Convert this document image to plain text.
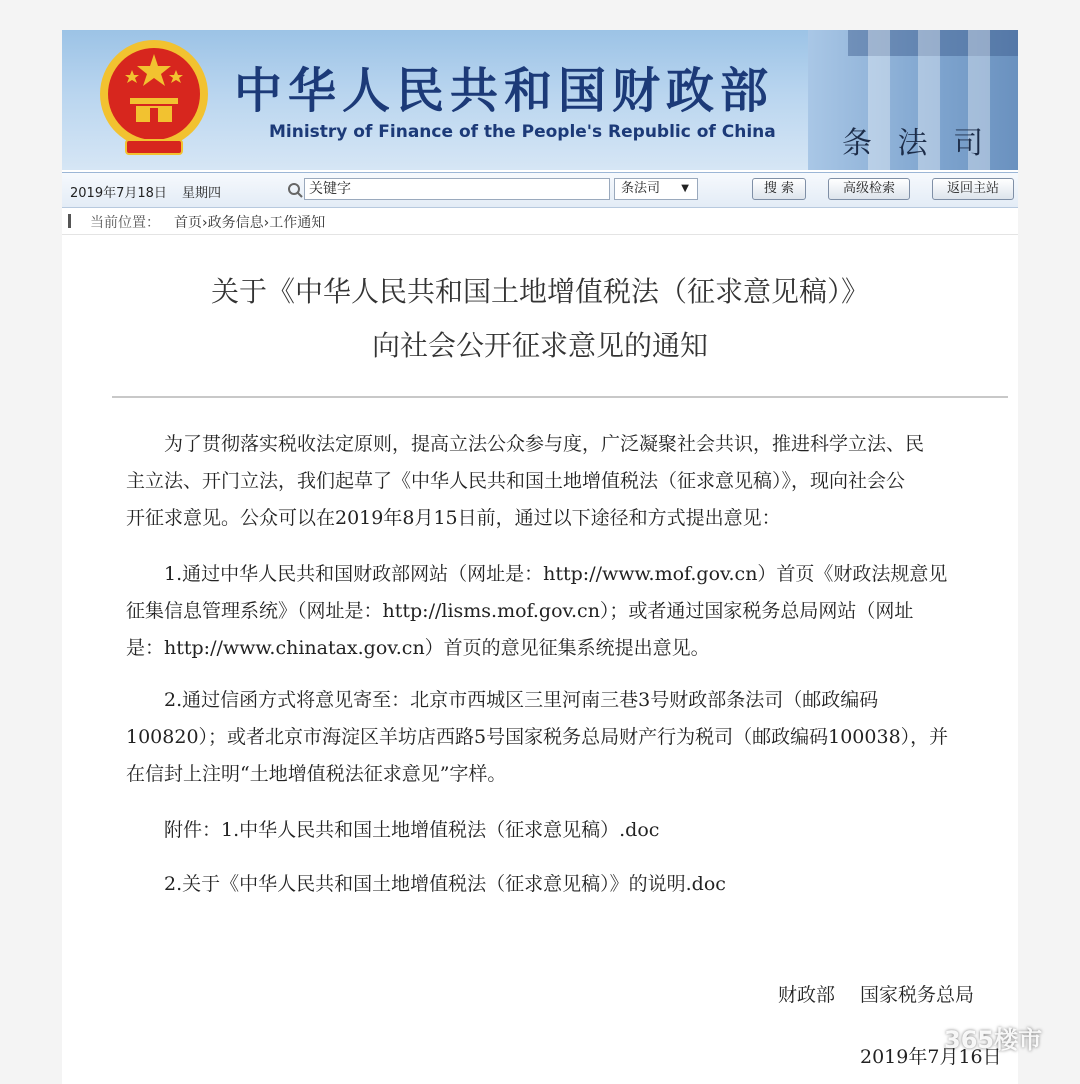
中华人民共和国财政部
Ministry of Finance of the People's Republic of China 条 法 司
2019年7月18日 星期四	关键字	条法司 ▼	搜 索	高级检索	返回主站
当前位置： 首页›政务信息›工作通知
关于《中华人民共和国土地增值税法（征求意见稿）》
向社会公开征求意见的通知
　　为了贯彻落实税收法定原则，提高立法公众参与度，广泛凝聚社会共识，推进科学立法、民
主立法、开门立法，我们起草了《中华人民共和国土地增值税法（征求意见稿）》，现向社会公
开征求意见。公众可以在2019年8月15日前，通过以下途径和方式提出意见：
　　1.通过中华人民共和国财政部网站（网址是：http://www.mof.gov.cn）首页《财政法规意见
征集信息管理系统》（网址是：http://lisms.mof.gov.cn）；或者通过国家税务总局网站（网址
是：http://www.chinatax.gov.cn）首页的意见征集系统提出意见。
　　2.通过信函方式将意见寄至：北京市西城区三里河南三巷3号财政部条法司（邮政编码
100820）；或者北京市海淀区羊坊店西路5号国家税务总局财产行为税司（邮政编码100038），并
在信封上注明“土地增值税法征求意见”字样。
　　附件：1.中华人民共和国土地增值税法（征求意见稿）.doc
　　2.关于《中华人民共和国土地增值税法（征求意见稿）》的说明.doc
财政部　 国家税务总局
2019年7月16日
365楼市
